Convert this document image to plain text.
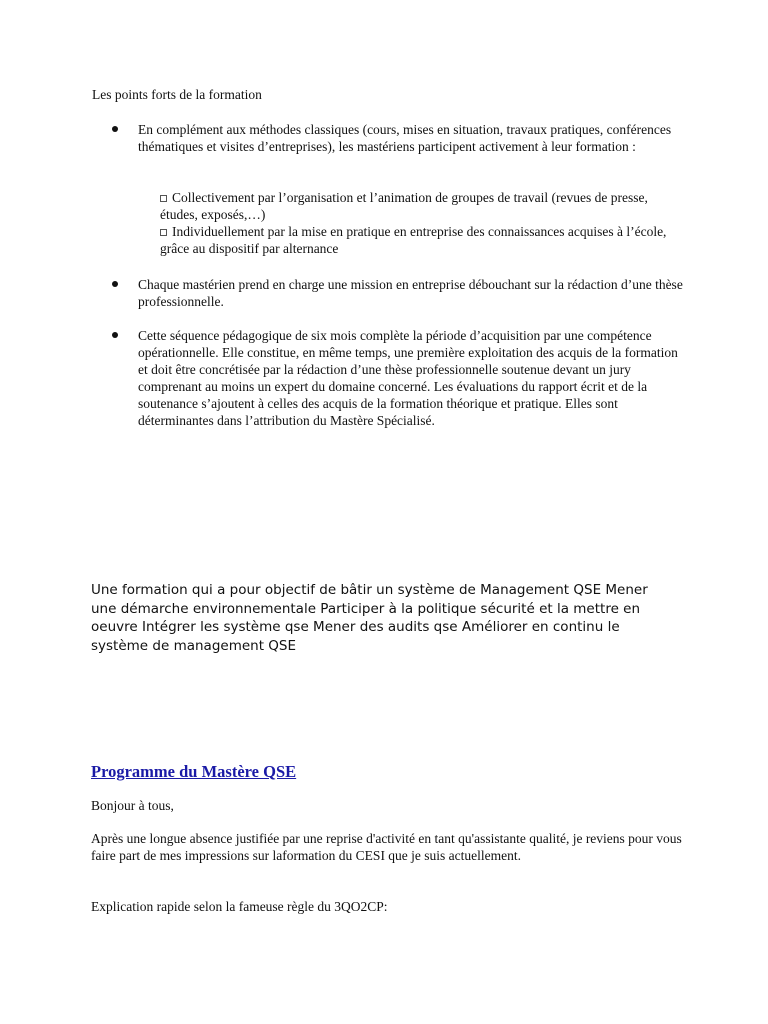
Les points forts de la formation
En complément aux méthodes classiques (cours, mises en situation, travaux pratiques, conférences thématiques et visites d’entreprises), les mastériens participent activement à leur formation :
Collectivement par l’organisation et l’animation de groupes de travail (revues de presse, études, exposés,…)
Individuellement par la mise en pratique en entreprise des connaissances acquises à l’école, grâce au dispositif par alternance
Chaque mastérien prend en charge une mission en entreprise débouchant sur la rédaction d’une thèse professionnelle.
Cette séquence pédagogique de six mois complète la période d’acquisition par une compétence opérationnelle. Elle constitue, en même temps, une première exploitation des acquis de la formation et doit être concrétisée par la rédaction d’une thèse professionnelle soutenue devant un jury comprenant au moins un expert du domaine concerné. Les évaluations du rapport écrit et de la soutenance s’ajoutent à celles des acquis de la formation théorique et pratique. Elles sont déterminantes dans l’attribution du Mastère Spécialisé.
Une formation qui a pour objectif de bâtir un système de Management QSE Mener une démarche environnementale Participer à la politique sécurité et la mettre en oeuvre Intégrer les système qse Mener des audits qse Améliorer en continu le système de management QSE
Programme du Mastère QSE
Bonjour à tous,
Après une longue absence justifiée par une reprise d'activité en tant qu'assistante qualité, je reviens pour vous faire part de mes impressions sur laformation du CESI que je suis actuellement.
Explication rapide selon la fameuse règle du 3QO2CP:
